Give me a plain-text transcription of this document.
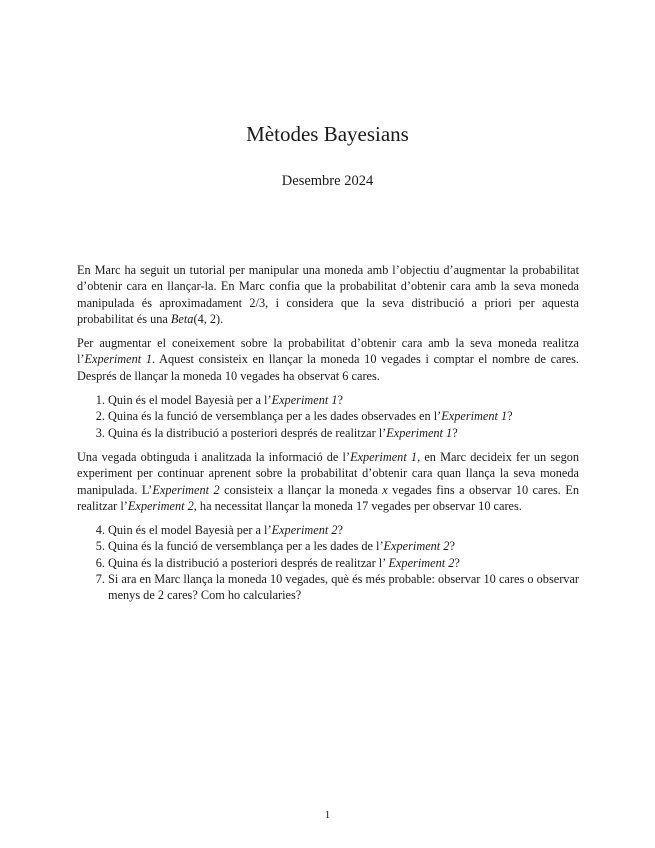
Mètodes Bayesians
Desembre 2024

En Marc ha seguit un tutorial per manipular una moneda amb l’objectiu d’augmentar la probabilitat d’obtenir cara en llançar-la. En Marc confia que la probabilitat d’obtenir cara amb la seva moneda manipulada és aproximadament 2/3, i considera que la seva distribució a priori per aquesta probabilitat és una Beta(4, 2).

Per augmentar el coneixement sobre la probabilitat d’obtenir cara amb la seva moneda realitza l’Experiment 1. Aquest consisteix en llançar la moneda 10 vegades i comptar el nombre de cares. Després de llançar la moneda 10 vegades ha observat 6 cares.

1. Quin és el model Bayesià per a l’Experiment 1?
2. Quina és la funció de versemblança per a les dades observades en l’Experiment 1?
3. Quina és la distribució a posteriori després de realitzar l’Experiment 1?

Una vegada obtinguda i analitzada la informació de l’Experiment 1, en Marc decideix fer un segon experiment per continuar aprenent sobre la probabilitat d’obtenir cara quan llança la seva moneda manipulada. L’Experiment 2 consisteix a llançar la moneda x vegades fins a observar 10 cares. En realitzar l’Experiment 2, ha necessitat llançar la moneda 17 vegades per observar 10 cares.

4. Quin és el model Bayesià per a l’Experiment 2?
5. Quina és la funció de versemblança per a les dades de l’Experiment 2?
6. Quina és la distribució a posteriori després de realitzar l’ Experiment 2?
7. Si ara en Marc llança la moneda 10 vegades, què és més probable: observar 10 cares o observar menys de 2 cares? Com ho calcularies?
1
